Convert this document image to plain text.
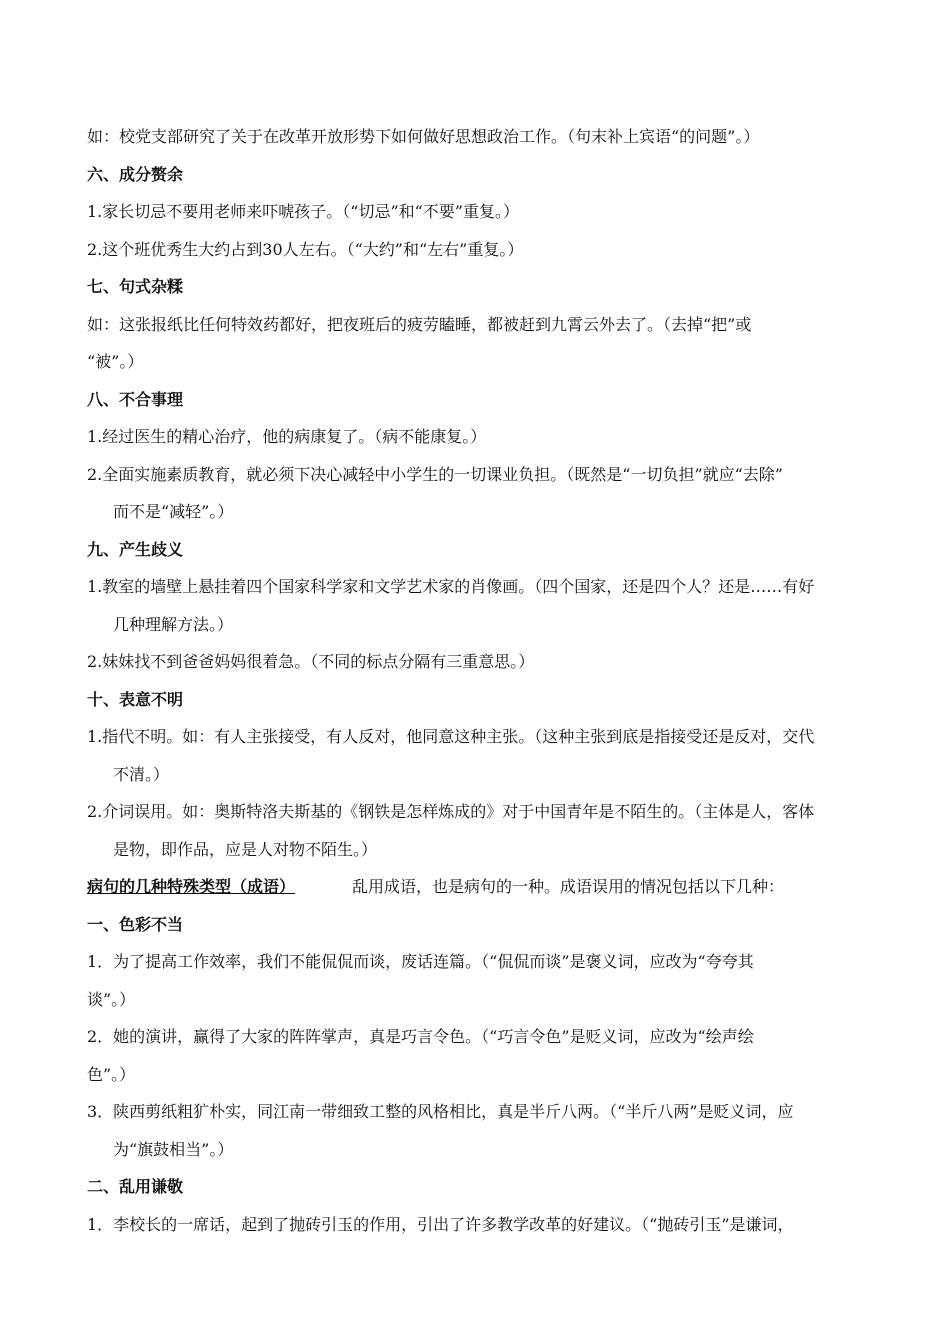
如：校党支部研究了关于在改革开放形势下如何做好思想政治工作。（句末补上宾语“的问题”。）
六、成分赘余
1.家长切忌不要用老师来吓唬孩子。（“切忌”和“不要”重复。）
2.这个班优秀生大约占到30人左右。（“大约”和“左右”重复。）
七、句式杂糅
如：这张报纸比任何特效药都好，把夜班后的疲劳瞌睡，都被赶到九霄云外去了。（去掉“把”或
“被”。）
八、不合事理
1.经过医生的精心治疗，他的病康复了。（病不能康复。）
2.全面实施素质教育，就必须下决心减轻中小学生的一切课业负担。（既然是“一切负担”就应“去除”
而不是“减轻”。）
九、产生歧义
1.教室的墙壁上悬挂着四个国家科学家和文学艺术家的肖像画。（四个国家，还是四个人？还是……有好
几种理解方法。）
2.妹妹找不到爸爸妈妈很着急。（不同的标点分隔有三重意思。）
十、表意不明
1.指代不明。如：有人主张接受，有人反对，他同意这种主张。（这种主张到底是指接受还是反对，交代
不清。）
2.介词误用。如：奥斯特洛夫斯基的《钢铁是怎样炼成的》对于中国青年是不陌生的。（主体是人，客体
是物，即作品，应是人对物不陌生。）
病句的几种特殊类型（成语）	乱用成语，也是病句的一种。成语误用的情况包括以下几种：
一、色彩不当
1．为了提高工作效率，我们不能侃侃而谈，废话连篇。（“侃侃而谈”是褒义词，应改为“夸夸其
谈”。）
2．她的演讲，赢得了大家的阵阵掌声，真是巧言令色。（“巧言令色”是贬义词，应改为“绘声绘
色”。）
3．陕西剪纸粗犷朴实，同江南一带细致工整的风格相比，真是半斤八两。（“半斤八两”是贬义词，应
为“旗鼓相当”。）
二、乱用谦敬
1．李校长的一席话，起到了抛砖引玉的作用，引出了许多教学改革的好建议。（“抛砖引玉”是谦词，
